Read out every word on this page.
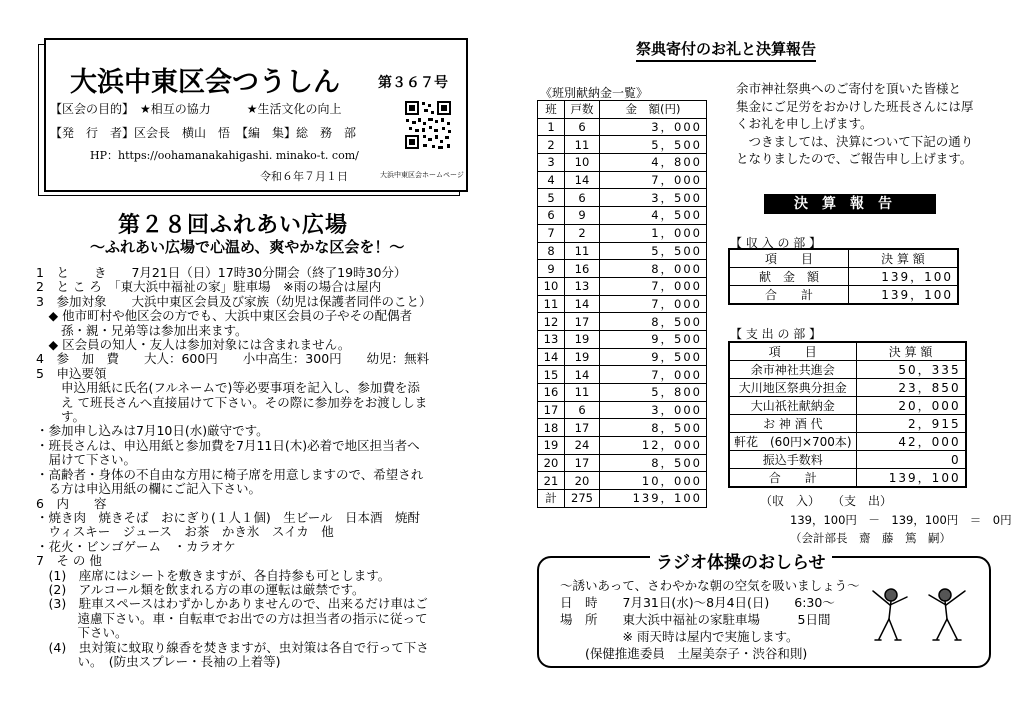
大浜中東区会つうしん	第３６７号
【区会の目的】　★相互の協力　　　★生活文化の向上
【発　行　者】区会長　横山　悟　【編　集】総　務　部
HP：https://oohamanakahigashi. minako-t. com/
令和６年７月１日	大浜中東区会ホームページ
第２８回ふれあい広場
～ふれあい広場で心温め、爽やかな区会を！～
1　と　　き　　7月21日（日）17時30分開会（終了19時30分）
2　と こ ろ　「東大浜中福祉の家」駐車場　※雨の場合は屋内
3　参加対象　　大浜中東区会員及び家族（幼児は保護者同伴のこと）
　◆ 他市町村や他区会の方でも、大浜中東区会員の子やその配偶者
　　孫・親・兄弟等は参加出来ます。
　◆ 区会員の知人・友人は参加対象には含まれません。
4　参　加　費　　大人：600円　　小中高生：300円　　幼児：無料
5　申込要領
　　申込用紙に氏名(フルネームで)等必要事項を記入し、参加費を添
　　え て班長さんへ直接届けて下さい。その際に参加券をお渡ししま
　　す。
・参加申し込みは7月10日(水)厳守です。
・班長さんは、申込用紙と参加費を7月11日(木)必着で地区担当者へ
　届けて下さい。
・高齢者・身体の不自由な方用に椅子席を用意しますので、希望され
　る方は申込用紙の欄にご記入下さい。
6　内　　容
・焼き肉　焼きそば　おにぎり(１人１個)　生ビール　日本酒　焼酎
　ウィスキー　ジュース　お茶　かき氷　スイカ　他
・花火・ビンゴゲーム　・カラオケ
7　そ の 他
　(1)　座席にはシートを敷きますが、各自持参も可とします。
　(2)　アルコール類を飲まれる方の車の運転は厳禁です。
　(3)　駐車スペースはわずかしかありませんので、出来るだけ車はご
　　　 遠慮下さい。車・自転車でお出での方は担当者の指示に従って
　　　 下さい。
　(4)　虫対策に蚊取り線香を焚きますが、虫対策は各自で行って下さ
　　　 い。　(防虫スプレー・長袖の上着等)
祭典寄付のお礼と決算報告
《班別献納金一覧》
班	戸数	金　額(円)
1	6	3，000
2	11	5，500
3	10	4，800
4	14	7，000
5	6	3，500
6	9	4，500
7	2	1，000
8	11	5，500
9	16	8，000
10	13	7，000
11	14	7，000
12	17	8，500
13	19	9，500
14	19	9，500
15	14	7，000
16	11	5，800
17	6	3，000
18	17	8，500
19	24	12，000
20	17	8，500
21	20	10，000
計	275	139，100
余市神社祭典へのご寄付を頂いた皆様と
集金にご足労をおかけした班長さんには厚
くお礼を申し上げます。
　つきましては、決算について下記の通り
となりましたので、ご報告申し上げます。
決算報告
【 収 入 の 部 】
項　　目	決 算 額
献　金　額	139，100
合　　計	139，100
【 支 出 の 部 】
項　　目	決 算 額
余市神社共進会	50，335
大川地区祭典分担金	23，850
大山祇社献納金	20，000
お 神 酒 代	2，915
軒花　(60円×700本)	42，000
振込手数料	0
合　　計	139，100
（収　入）　　（支　出）
139，100円　－　139，100円　＝　0円
（会計部長　齋　藤　篤　嗣）
ラジオ体操のおしらせ
～誘いあって、さわやかな朝の空気を吸いましょう～
日　時　　7月31日(水)～8月4日(日)　　6:30～
場　所　　東大浜中福祉の家駐車場　　　5日間
　　　　　※ 雨天時は屋内で実施します。
　　(保健推進委員　土屋美奈子・渋谷和則)
